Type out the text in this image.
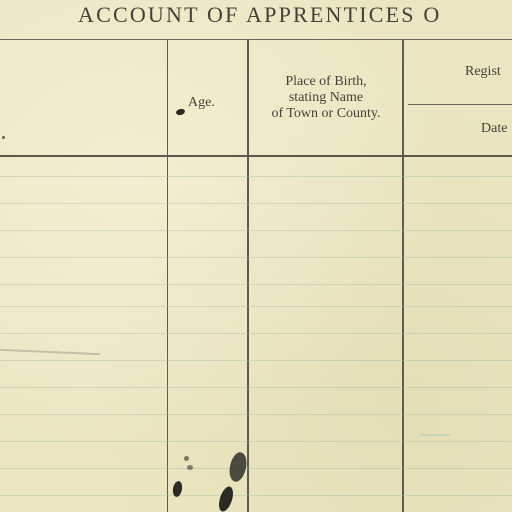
ACCOUNT OF APPRENTICES O
Age.
Place of Birth,
stating Name
of Town or County.
Regist
Date
